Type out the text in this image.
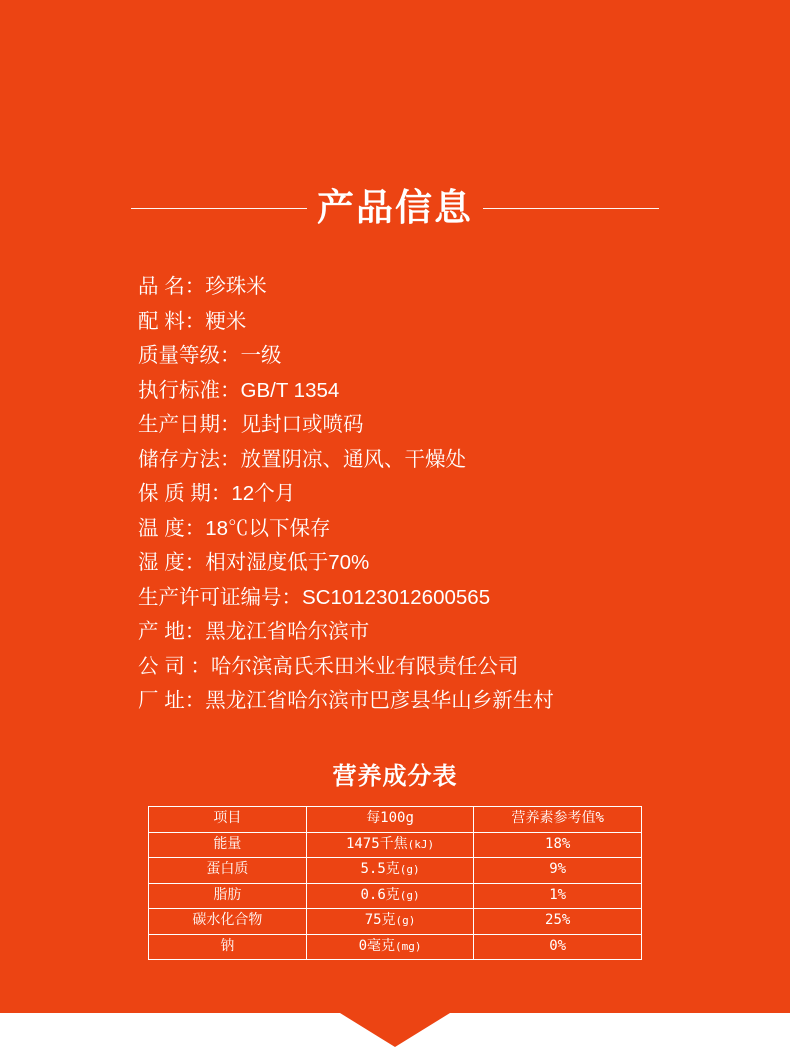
产品信息
品 名：珍珠米
配 料：粳米
质量等级：一级
执行标准：GB/T 1354
生产日期：见封口或喷码
储存方法：放置阴凉、通风、干燥处
保 质 期：12个月
温 度：18℃以下保存
湿 度：相对湿度低于70%
生产许可证编号：SC10123012600565
产 地：黑龙江省哈尔滨市
公 司 ：哈尔滨高氏禾田米业有限责任公司
厂 址：黑龙江省哈尔滨市巴彦县华山乡新生村
营养成分表
项目	每100g	营养素参考值%
能量	1475千焦(kJ)	18%
蛋白质	5.5克(g)	9%
脂肪	0.6克(g)	1%
碳水化合物	75克(g)	25%
钠	0毫克(mg)	0%
